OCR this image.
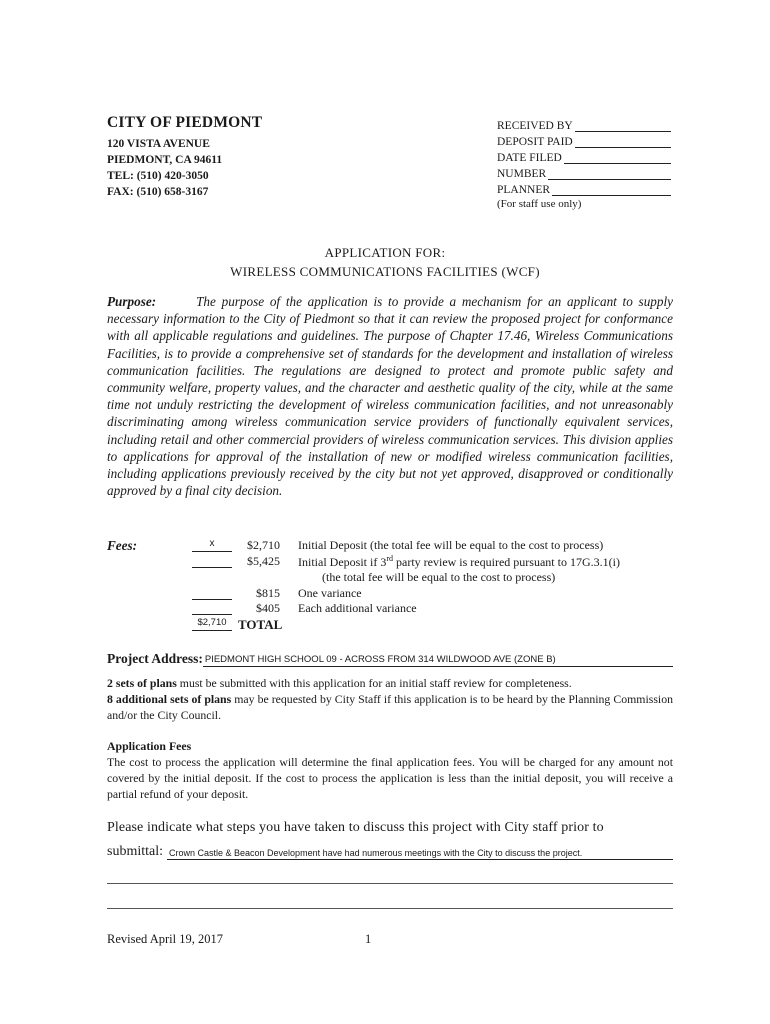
CITY OF PIEDMONT
120 VISTA AVENUE
PIEDMONT, CA 94611
TEL: (510) 420-3050
FAX: (510) 658-3167
RECEIVED BY
DEPOSIT PAID
DATE FILED
NUMBER
PLANNER
(For staff use only)
APPLICATION FOR:
WIRELESS COMMUNICATIONS FACILITIES (WCF)
Purpose:	The purpose of the application is to provide a mechanism for an applicant to supply necessary information to the City of Piedmont so that it can review the proposed project for conformance with all applicable regulations and guidelines. The purpose of Chapter 17.46, Wireless Communications Facilities, is to provide a comprehensive set of standards for the development and installation of wireless communication facilities. The regulations are designed to protect and promote public safety and community welfare, property values, and the character and aesthetic quality of the city, while at the same time not unduly restricting the development of wireless communication facilities, and not unreasonably discriminating among wireless communication service providers of functionally equivalent services, including retail and other commercial providers of wireless communication services. This division applies to applications for approval of the installation of new or modified wireless communication facilities, including applications previously received by the city but not yet approved, disapproved or conditionally approved by a final city decision.
Fees:	x	$2,710 Initial Deposit (the total fee will be equal to the cost to process)
$5,425 Initial Deposit if 3rd party review is required pursuant to 17G.3.1(i)
(the total fee will be equal to the cost to process)
$815 One variance
$405 Each additional variance
$2,710 TOTAL
Project Address: PIEDMONT HIGH SCHOOL 09 - ACROSS FROM 314 WILDWOOD AVE (ZONE B)
2 sets of plans must be submitted with this application for an initial staff review for completeness.
8 additional sets of plans may be requested by City Staff if this application is to be heard by the Planning Commission and/or the City Council.
Application Fees
The cost to process the application will determine the final application fees. You will be charged for any amount not covered by the initial deposit. If the cost to process the application is less than the initial deposit, you will receive a partial refund of your deposit.
Please indicate what steps you have taken to discuss this project with City staff prior to
submittal: Crown Castle & Beacon Development have had numerous meetings with the City to discuss the project.
Revised April 19, 2017	1
